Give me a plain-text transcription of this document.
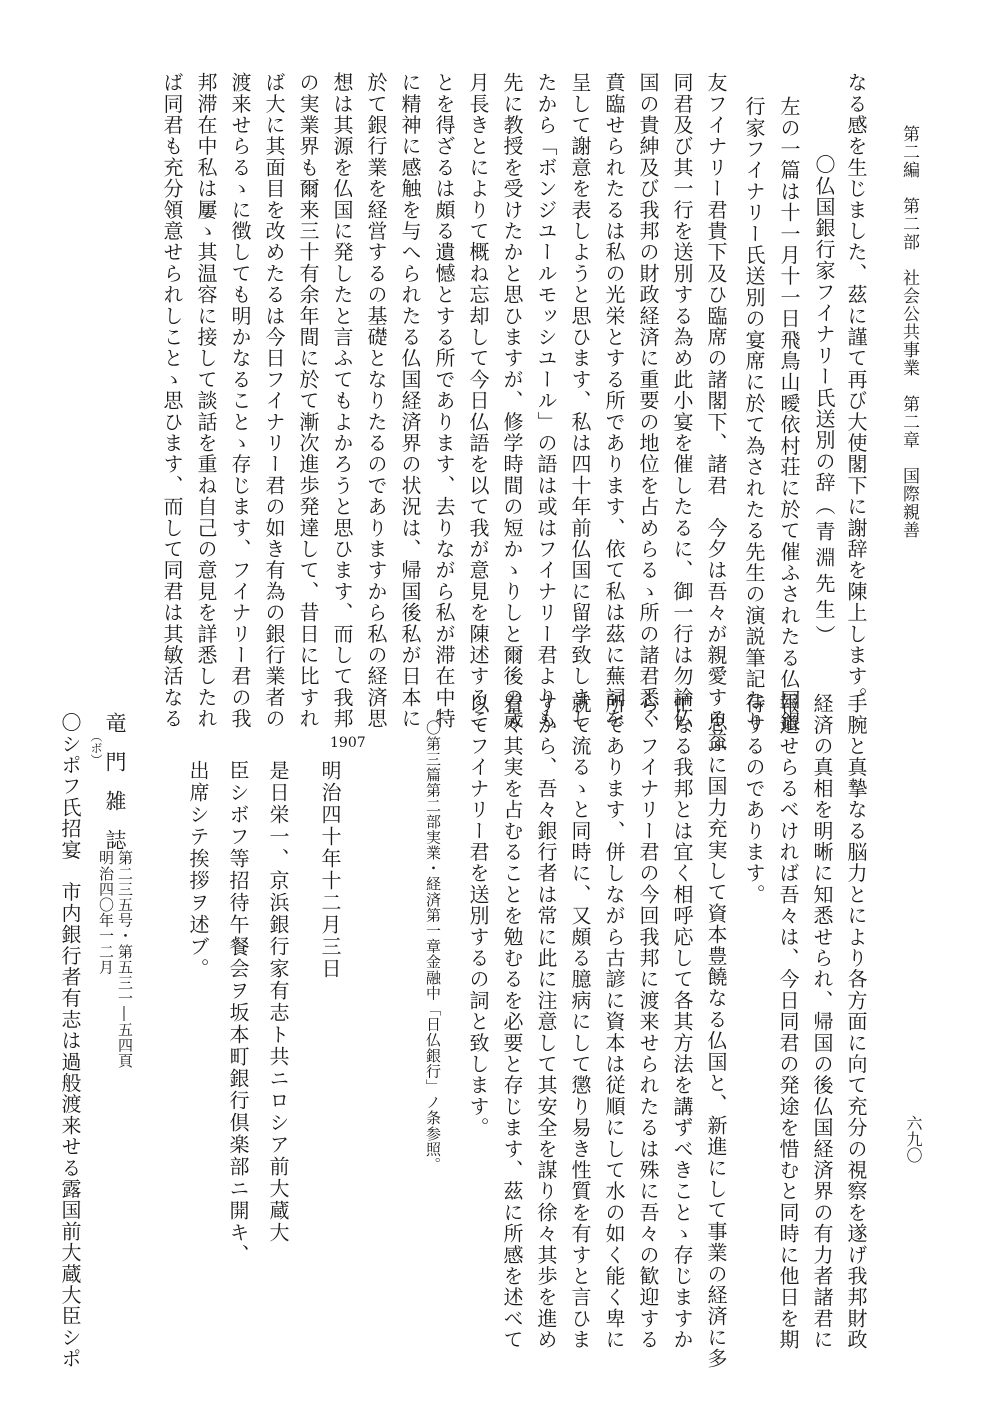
第二編　第二部　社会公共事業　第二章　国際親善
六九〇
なる感を生じました、茲に謹て再び大使閣下に謝辞を陳上します。
〇仏国銀行家フイナリー氏送別の辞
（青淵先生）
左の一篇は十一月十一日飛鳥山曖依村荘に於て催ふされたる仏国銀
行家フイナリー氏送別の宴席に於て為されたる先生の演説筆記なり
友フイナリー君貴下及ひ臨席の諸閣下、諸君　今夕は吾々が親愛する益
同君及び其一行を送別する為め此小宴を催したるに、御一行は勿論仏
国の貴紳及び我邦の財政経済に重要の地位を占めらるゝ所の諸君悉く
賁臨せられたるは私の光栄とする所であります、依て私は茲に蕪詞を
呈して謝意を表しようと思ひます、私は四十年前仏国に留学致しまし
たから「ボンジユールモッシユール」の語は或はフイナリー君よりも
先に教授を受けたかと思ひますが、修学時間の短かゝりしと爾後の歳
月長きとによりて概ね忘却して今日仏語を以て我が意見を陳述するこ
とを得ざるは頗る遺憾とする所であります、去りながら私が滞在中特
に精神に感触を与へられたる仏国経済界の状況は、帰国後私が日本に
於て銀行業を経営するの基礎となりたるのでありますから私の経済思
想は其源を仏国に発したと言ふてもよかろうと思ひます、而して我邦
の実業界も爾来三十有余年間に於て漸次進歩発達して、昔日に比すれ
ば大に其面目を改めたるは今日フイナリー君の如き有為の銀行業者の
渡来せらるゝに徴しても明かなることゝ存じます、フイナリー君の我
邦滞在中私は屢ゝ其温容に接して談話を重ね自己の意見を詳悉したれ
ば同君も充分領意せられしことゝ思ひます、而して同君は其敏活なる
手腕と真摯なる脳力とにより各方面に向て充分の視察を遂げ我邦財政
経済の真相を明晰に知悉せられ、帰国の後仏国経済界の有力者諸君に
報道せらるべければ吾々は、今日同君の発途を惜むと同時に他日を期
待するのであります。
思ふに国力充実して資本豊饒なる仏国と、新進にして事業の経済に多
忙なる我邦とは宜く相呼応して各其方法を講ずべきことゝ存じますか
ら、フイナリー君の今回我邦に渡来せられたるは殊に吾々の歓迎する
所であります、併しながら古諺に資本は従順にして水の如く能く卑に
就て流るゝと同時に、又頗る臆病にして懲り易き性質を有すと言ひま
すから、吾々銀行者は常に此に注意して其安全を謀り徐々其歩を進め
着々其実を占むることを勉むるを必要と存じます、茲に所感を述べて
以てフイナリー君を送別するの詞と致します。
〇第三篇第二部実業・経済第一章金融中「日仏銀行」ノ条参照。
1907
明治四十年十二月三日
是日栄一、京浜銀行家有志ト共ニロシア前大蔵大
臣シボフ等招待午餐会ヲ坂本町銀行倶楽部ニ開キ、
出席シテ挨拶ヲ述ブ。
竜門雑誌
第二三五号・第五三一―五四頁
明治四〇年一二月
（ボ）
〇シポフ氏招宴　市内銀行者有志は過般渡来せる露国前大蔵大臣シポ
